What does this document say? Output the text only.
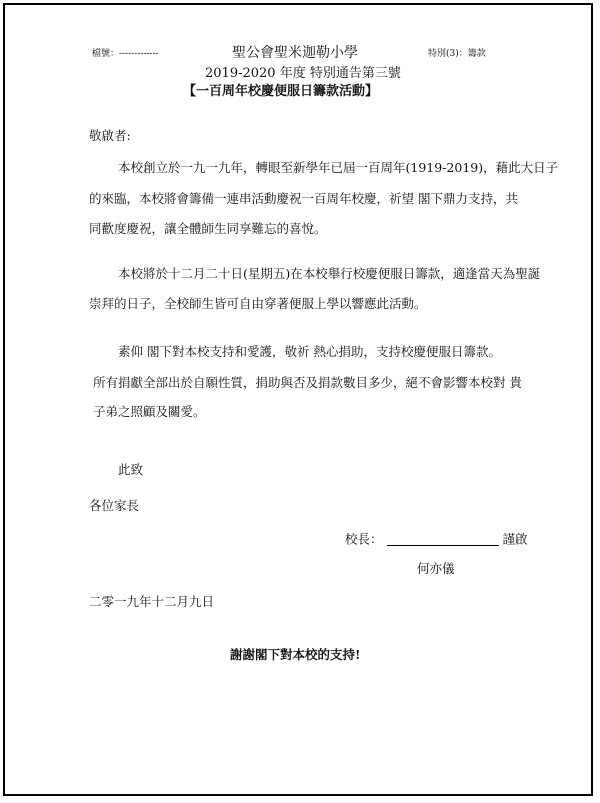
檔號：-------------	聖公會聖米迦勒小學	特別(3)：籌款
2019-2020 年度 特別通告第三號
【一百周年校慶便服日籌款活動】
敬啟者:
本校創立於一九一九年，轉眼至新學年已屆一百周年(1919-2019)，藉此大日子
的來臨，本校將會籌備一連串活動慶祝一百周年校慶，祈望 閣下鼎力支持，共
同歡度慶祝，讓全體師生同享難忘的喜悅。
本校將於十二月二十日(星期五)在本校舉行校慶便服日籌款，適逢當天為聖誕
崇拜的日子，全校師生皆可自由穿著便服上學以響應此活動。
素仰 閣下對本校支持和愛護，敬祈 熱心捐助，支持校慶便服日籌款。
所有捐獻全部出於自願性質，捐助與否及捐款數目多少，絕不會影響本校對 貴
子弟之照顧及關愛。
此致
各位家長
校長：	謹啟
何亦儀
二零一九年十二月九日
謝謝閣下對本校的支持!
